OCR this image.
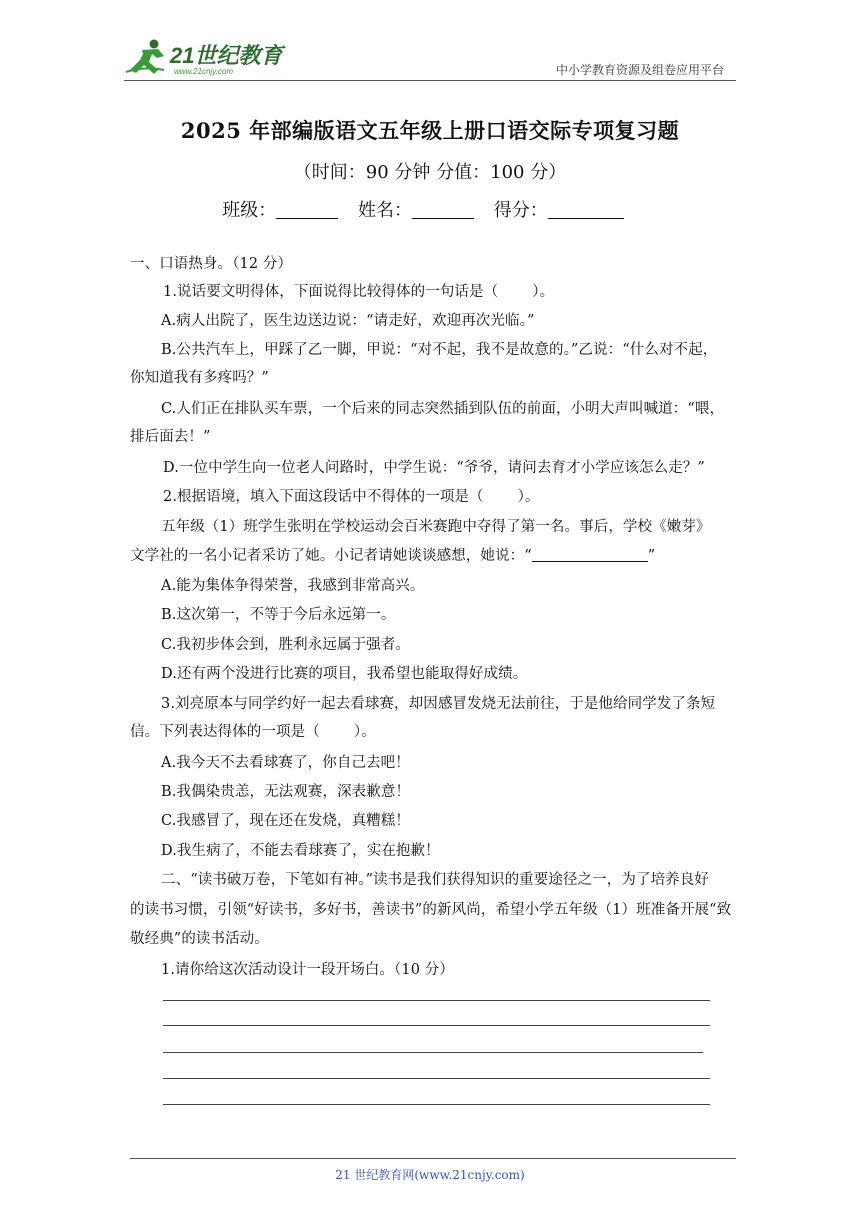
21世纪教育
www.21cnjy.com	中小学教育资源及组卷应用平台
2025 年部编版语文五年级上册口语交际专项复习题
（时间：90 分钟 分值：100 分）
班级：	姓名：	得分：
一、口语热身。（12 分）
1.说话要文明得体，下面说得比较得体的一句话是（ ）。
A.病人出院了，医生边送边说：“请走好，欢迎再次光临。”
B.公共汽车上，甲踩了乙一脚，甲说：“对不起，我不是故意的。”乙说：“什么对不起，
你知道我有多疼吗？”
C.人们正在排队买车票，一个后来的同志突然插到队伍的前面，小明大声叫喊道：“喂，
排后面去！”
D.一位中学生向一位老人问路时，中学生说：“爷爷，请问去育才小学应该怎么走？”
2.根据语境，填入下面这段话中不得体的一项是（ ）。
五年级（1）班学生张明在学校运动会百米赛跑中夺得了第一名。事后，学校《嫩芽》
文学社的一名小记者采访了她。小记者请她谈谈感想，她说：“	”
A.能为集体争得荣誉，我感到非常高兴。
B.这次第一，不等于今后永远第一。
C.我初步体会到，胜利永远属于强者。
D.还有两个没进行比赛的项目，我希望也能取得好成绩。
3.刘亮原本与同学约好一起去看球赛，却因感冒发烧无法前往，于是他给同学发了条短
信。下列表达得体的一项是（ ）。
A.我今天不去看球赛了，你自己去吧！
B.我偶染贵恙，无法观赛，深表歉意！
C.我感冒了，现在还在发烧，真糟糕！
D.我生病了，不能去看球赛了，实在抱歉！
二、“读书破万卷，下笔如有神。”读书是我们获得知识的重要途径之一，为了培养良好
的读书习惯，引领“好读书，多好书，善读书”的新风尚，希望小学五年级（1）班准备开展“致
敬经典”的读书活动。
1.请你给这次活动设计一段开场白。（10 分）
21 世纪教育网(www.21cnjy.com)
